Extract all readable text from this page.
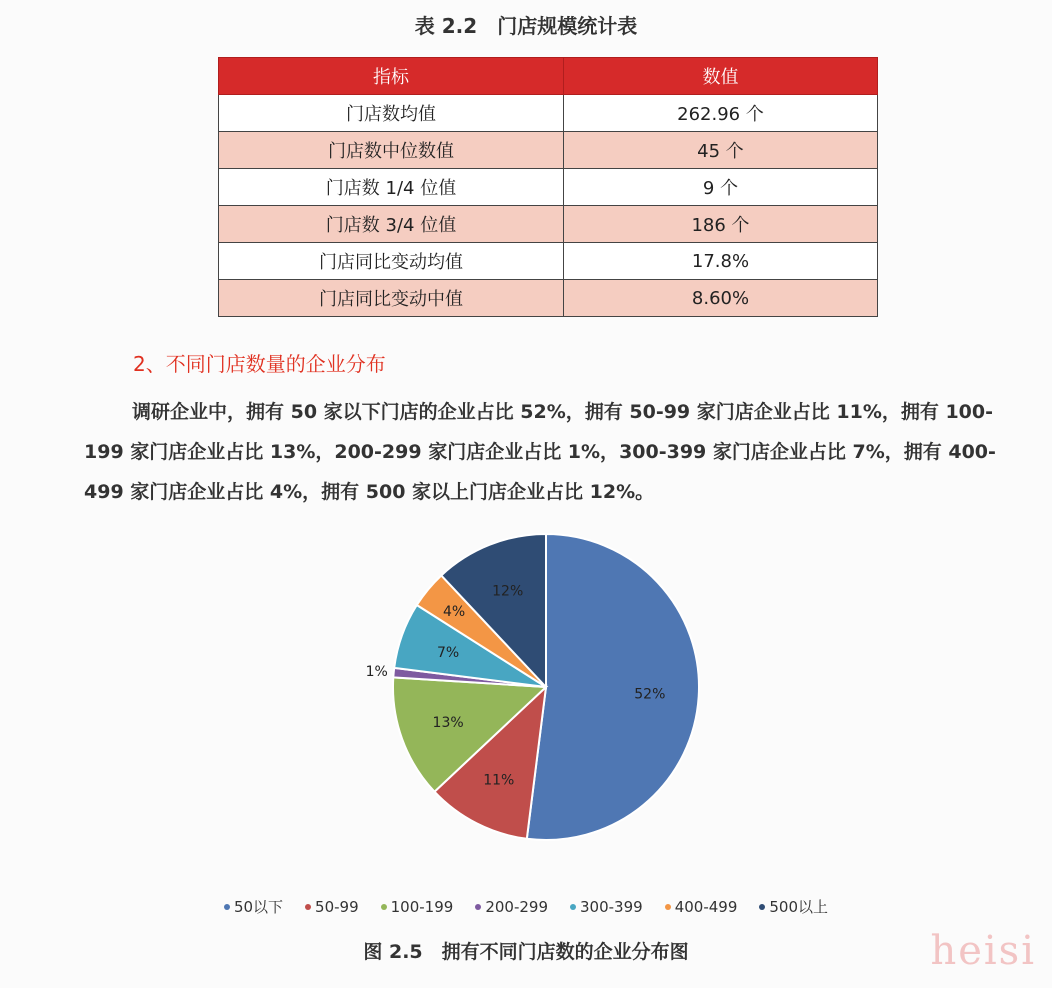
表 2.2　门店规模统计表
指标	数值
门店数均值	262.96 个
门店数中位数值	45 个
门店数 1/4 位值	9 个
门店数 3/4 位值	186 个
门店同比变动均值	17.8%
门店同比变动中值	8.60%
2、不同门店数量的企业分布
调研企业中，拥有 50 家以下门店的企业占比 52%，拥有 50-99 家门店企业占比 11%，拥有 100-199 家门店企业占比 13%，200-299 家门店企业占比 1%，300-399 家门店企业占比 7%，拥有 400-499 家门店企业占比 4%，拥有 500 家以上门店企业占比 12%。
52%
11%
13%
1%
7%
4%
12%
50以下 50-99 100-199 200-299 300-399 400-499 500以上
图 2.5　拥有不同门店数的企业分布图	heisi
